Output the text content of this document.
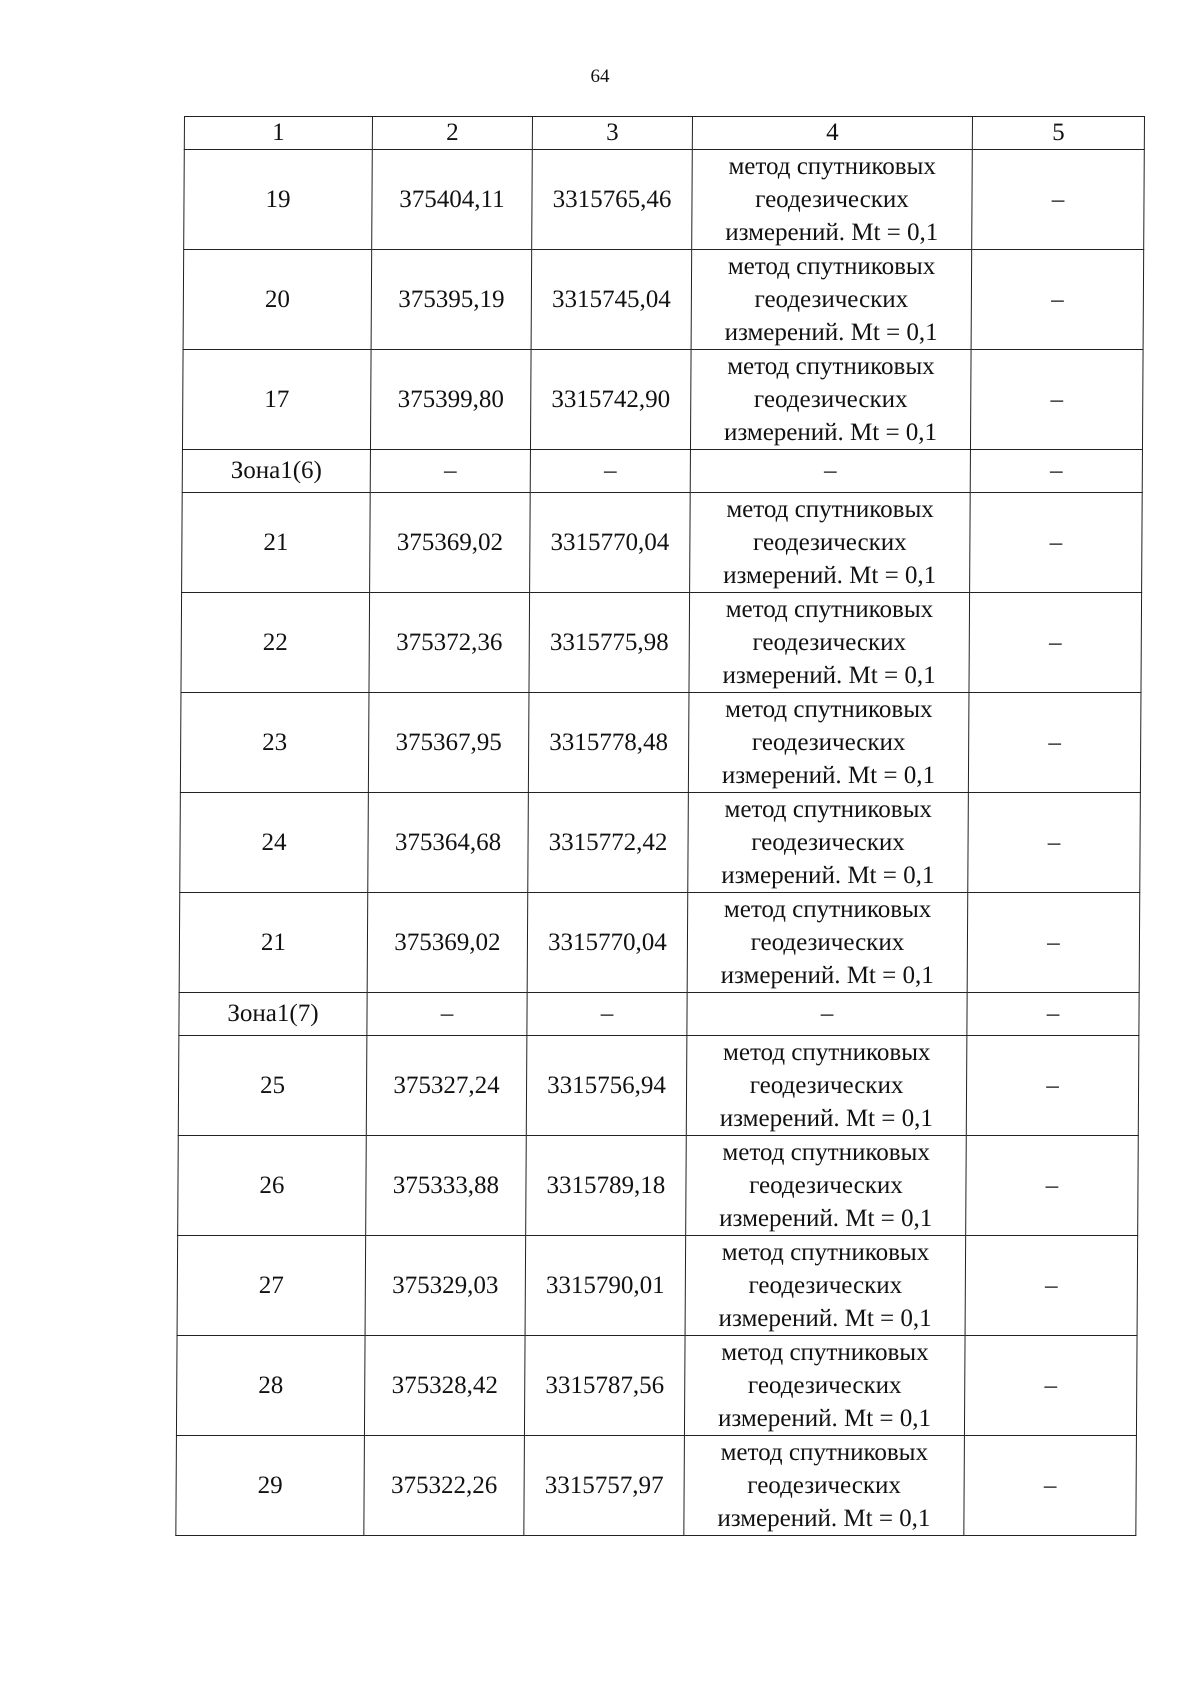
64
1	2	3	4	5
19	375404,11	3315765,46	метод спутниковых
геодезических
измерений. Mt = 0,1	–
20	375395,19	3315745,04	метод спутниковых
геодезических
измерений. Mt = 0,1	–
17	375399,80	3315742,90	метод спутниковых
геодезических
измерений. Mt = 0,1	–
Зона1(6)	–	–	–	–
21	375369,02	3315770,04	метод спутниковых
геодезических
измерений. Mt = 0,1	–
22	375372,36	3315775,98	метод спутниковых
геодезических
измерений. Mt = 0,1	–
23	375367,95	3315778,48	метод спутниковых
геодезических
измерений. Mt = 0,1	–
24	375364,68	3315772,42	метод спутниковых
геодезических
измерений. Mt = 0,1	–
21	375369,02	3315770,04	метод спутниковых
геодезических
измерений. Mt = 0,1	–
Зона1(7)	–	–	–	–
25	375327,24	3315756,94	метод спутниковых
геодезических
измерений. Mt = 0,1	–
26	375333,88	3315789,18	метод спутниковых
геодезических
измерений. Mt = 0,1	–
27	375329,03	3315790,01	метод спутниковых
геодезических
измерений. Mt = 0,1	–
28	375328,42	3315787,56	метод спутниковых
геодезических
измерений. Mt = 0,1	–
29	375322,26	3315757,97	метод спутниковых
геодезических
измерений. Mt = 0,1	–
